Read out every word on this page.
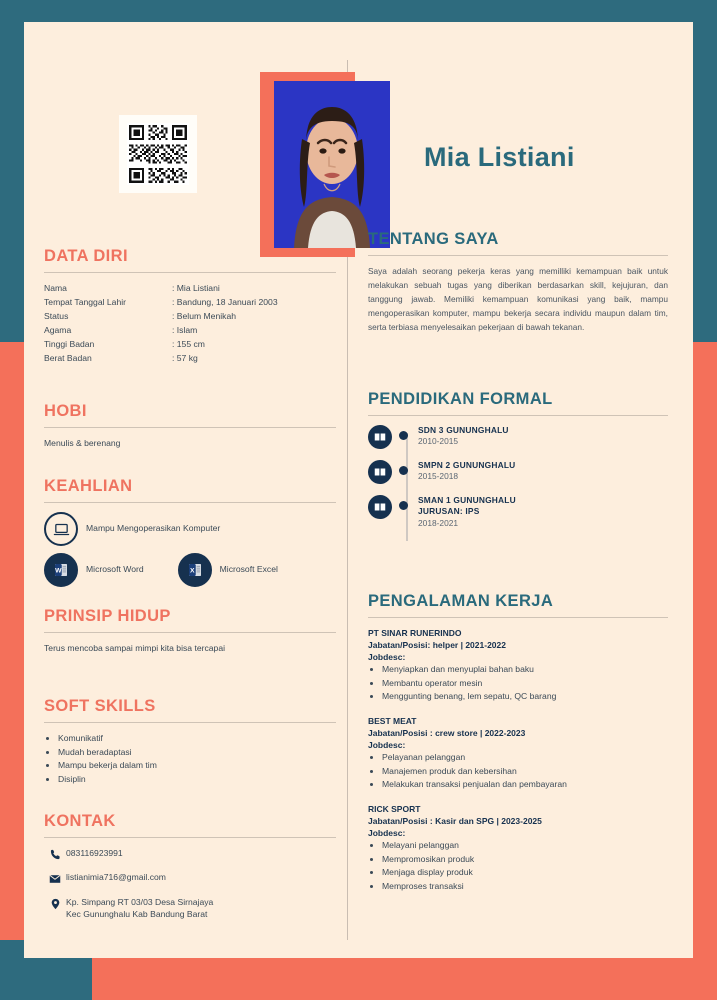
Mia Listiani
DATA DIRI
Nama	: Mia Listiani
Tempat Tanggal Lahir	: Bandung, 18 Januari 2003
Status	: Belum Menikah
Agama	: Islam
Tinggi Badan	: 155 cm
Berat Badan	: 57 kg
HOBI
Menulis & berenang
KEAHLIAN
Mampu Mengoperasikan Komputer
W	Microsoft Word	X	Microsoft Excel
PRINSIP HIDUP
Terus mencoba sampai mimpi kita bisa tercapai
SOFT SKILLS
• Komunikatif
• Mudah beradaptasi
• Mampu bekerja dalam tim
• Disiplin
KONTAK
083116923991
listianimia716@gmail.com
Kp. Simpang RT 03/03 Desa Sirnajaya
Kec Gununghalu Kab Bandung Barat
TENTANG SAYA
Saya adalah seorang pekerja keras yang memilliki kemampuan baik untuk melakukan sebuah tugas yang diberikan berdasarkan skill, kejujuran, dan tanggung jawab. Memiliki kemampuan komunikasi yang baik, mampu mengoperasikan komputer, mampu bekerja secara individu maupun dalam tim, serta terbiasa menyelesaikan pekerjaan di bawah tekanan.
PENDIDIKAN FORMAL
SDN 3 GUNUNGHALU
2010-2015
SMPN 2 GUNUNGHALU
2015-2018
SMAN 1 GUNUNGHALU
JURUSAN: IPS
2018-2021
PENGALAMAN KERJA
PT SINAR RUNERINDO
Jabatan/Posisi: helper | 2021-2022
Jobdesc:
• Menyiapkan dan menyuplai bahan baku
• Membantu operator mesin
• Menggunting benang, lem sepatu, QC barang
BEST MEAT
Jabatan/Posisi : crew store | 2022-2023
Jobdesc:
• Pelayanan pelanggan
• Manajemen produk dan kebersihan
• Melakukan transaksi penjualan dan pembayaran
RICK SPORT
Jabatan/Posisi : Kasir dan SPG | 2023-2025
Jobdesc:
• Melayani pelanggan
• Mempromosikan produk
• Menjaga display produk
• Memproses transaksi
